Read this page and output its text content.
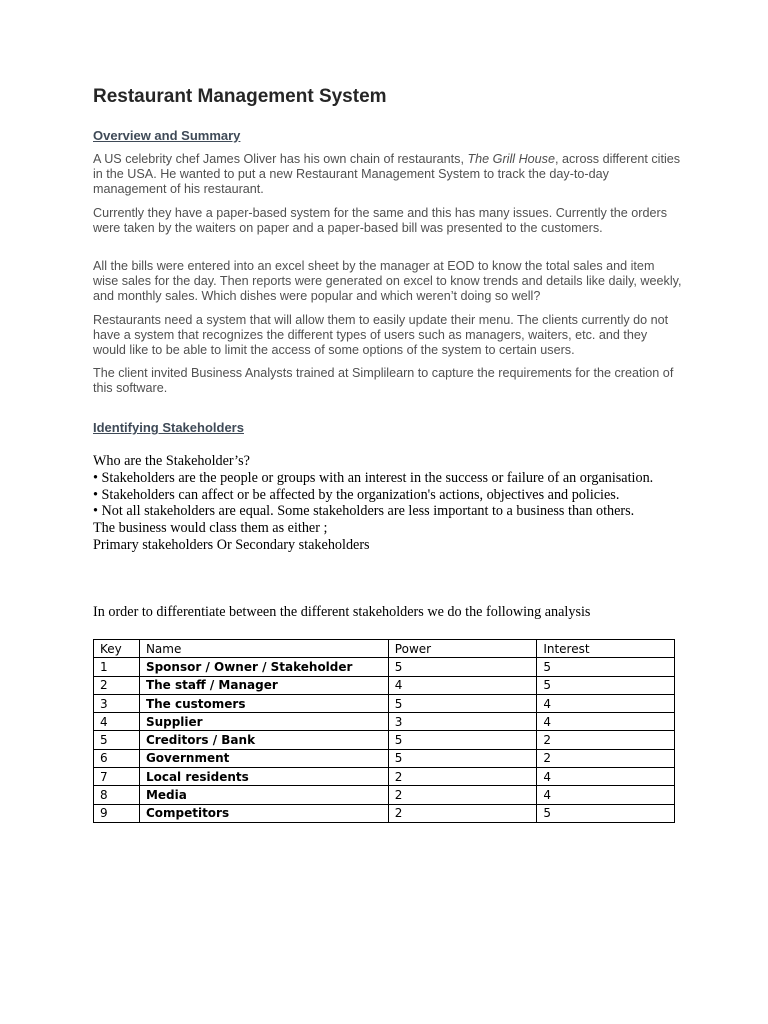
Restaurant Management System
Overview and Summary

A US celebrity chef James Oliver has his own chain of restaurants, The Grill House, across different cities in the USA. He wanted to put a new Restaurant Management System to track the day-to-day management of his restaurant.

Currently they have a paper-based system for the same and this has many issues. Currently the orders were taken by the waiters on paper and a paper-based bill was presented to the customers.

All the bills were entered into an excel sheet by the manager at EOD to know the total sales and item wise sales for the day. Then reports were generated on excel to know trends and details like daily, weekly, and monthly sales. Which dishes were popular and which weren’t doing so well?

Restaurants need a system that will allow them to easily update their menu. The clients currently do not have a system that recognizes the different types of users such as managers, waiters, etc. and they would like to be able to limit the access of some options of the system to certain users.

The client invited Business Analysts trained at Simplilearn to capture the requirements for the creation of this software.

Identifying Stakeholders
Who are the Stakeholder’s?
• Stakeholders are the people or groups with an interest in the success or failure of an organisation.
• Stakeholders can affect or be affected by the organization's actions, objectives and policies.
• Not all stakeholders are equal. Some stakeholders are less important to a business than others.
The business would class them as either ;
Primary stakeholders Or Secondary stakeholders
In order to differentiate between the different stakeholders we do the following analysis
Key	Name	Power	Interest
1	Sponsor / Owner / Stakeholder	5	5
2	The staff / Manager	4	5
3	The customers	5	4
4	Supplier	3	4
5	Creditors / Bank	5	2
6	Government	5	2
7	Local residents	2	4
8	Media	2	4
9	Competitors	2	5
